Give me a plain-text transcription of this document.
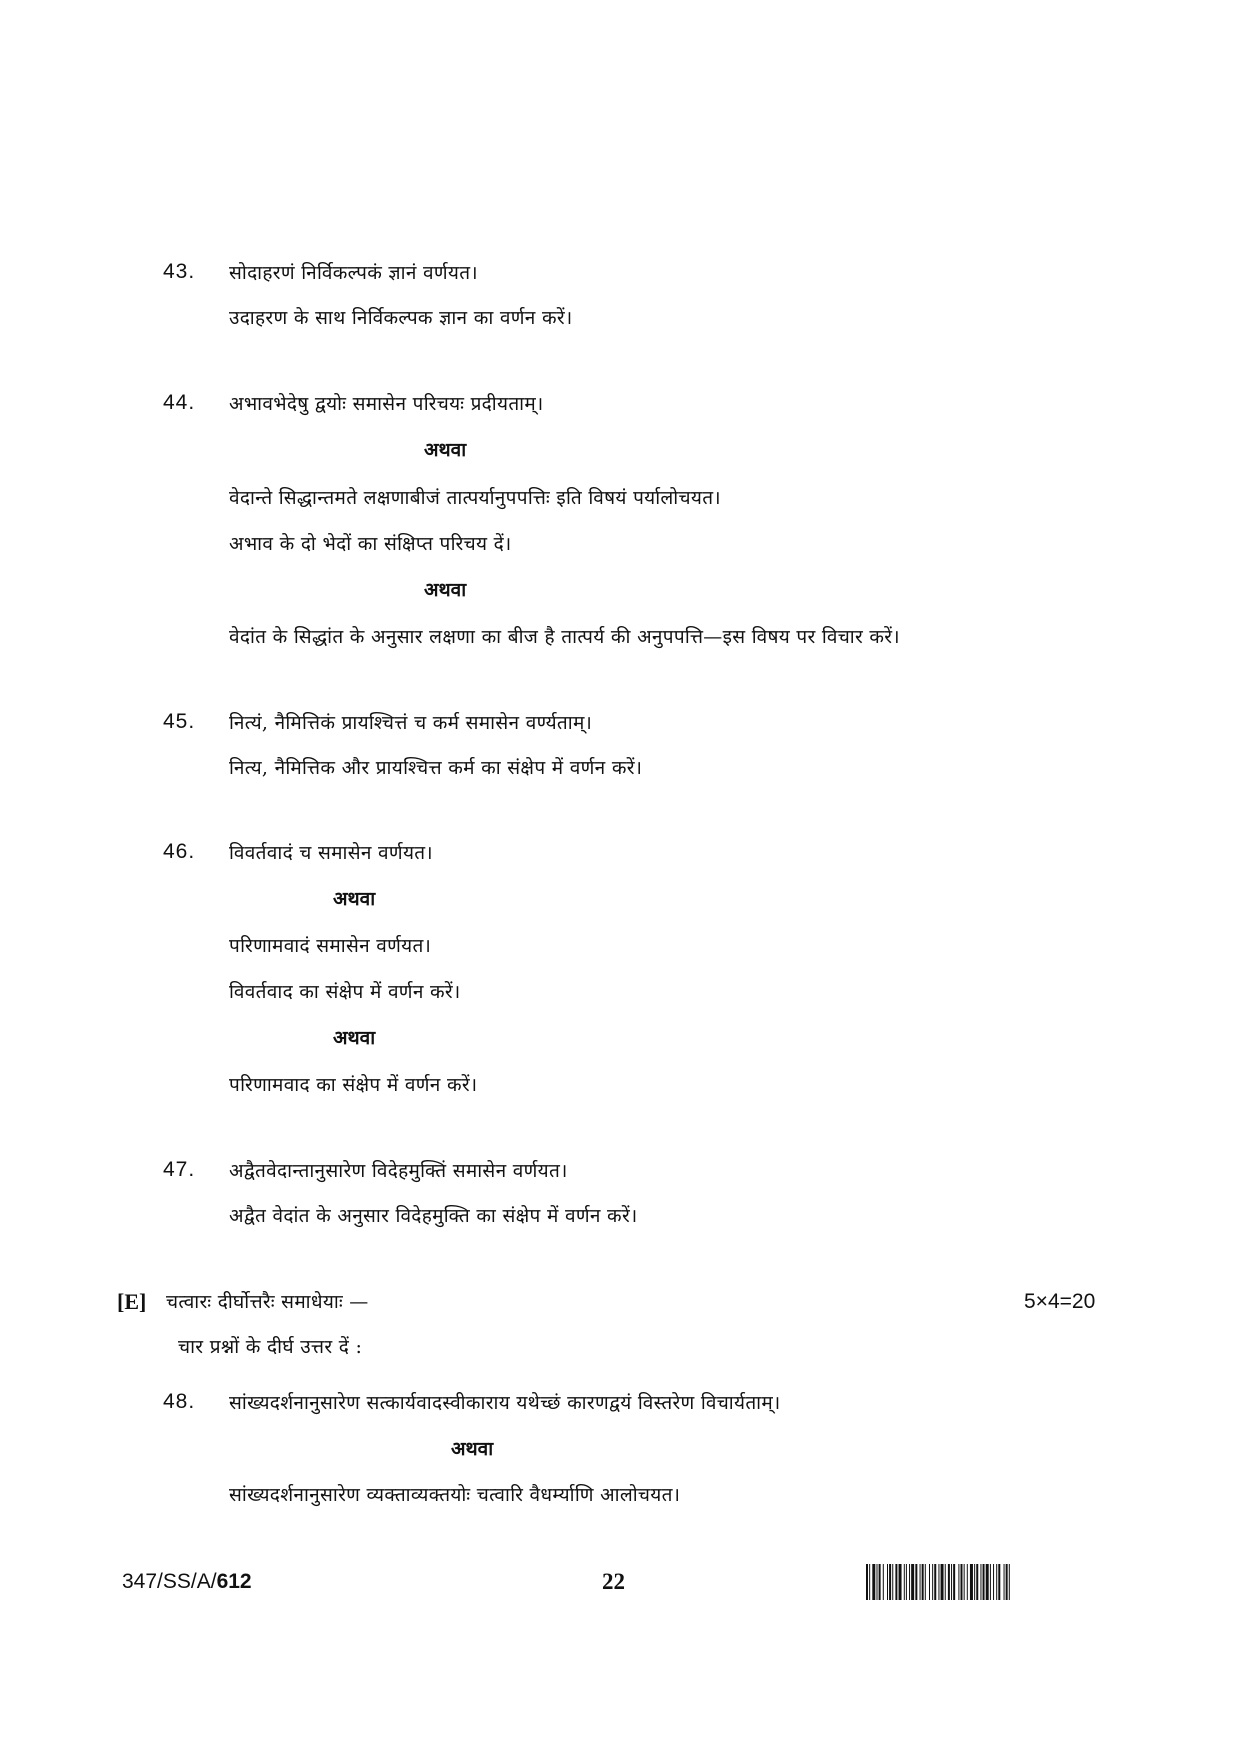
43. सोदाहरणं निर्विकल्पकं ज्ञानं वर्णयत।
उदाहरण के साथ निर्विकल्पक ज्ञान का वर्णन करें।
44. अभावभेदेषु द्वयोः समासेन परिचयः प्रदीयताम्।
अथवा
वेदान्ते सिद्धान्तमते लक्षणाबीजं तात्पर्यानुपपत्तिः इति विषयं पर्यालोचयत।
अभाव के दो भेदों का संक्षिप्त परिचय दें।
अथवा
वेदांत के सिद्धांत के अनुसार लक्षणा का बीज है तात्पर्य की अनुपपत्ति—इस विषय पर विचार करें।
45. नित्यं, नैमित्तिकं प्रायश्चित्तं च कर्म समासेन वर्ण्यताम्।
नित्य, नैमित्तिक और प्रायश्चित्त कर्म का संक्षेप में वर्णन करें।
46. विवर्तवादं च समासेन वर्णयत।
अथवा
परिणामवादं समासेन वर्णयत।
विवर्तवाद का संक्षेप में वर्णन करें।
अथवा
परिणामवाद का संक्षेप में वर्णन करें।
47. अद्वैतवेदान्तानुसारेण विदेहमुक्तिं समासेन वर्णयत।
अद्वैत वेदांत के अनुसार विदेहमुक्ति का संक्षेप में वर्णन करें।
[E] चत्वारः दीर्घोत्तरैः समाधेयाः —	5×4=20
चार प्रश्नों के दीर्घ उत्तर दें :
48. सांख्यदर्शनानुसारेण सत्कार्यवादस्वीकाराय यथेच्छं कारणद्वयं विस्तरेण विचार्यताम्।
अथवा
सांख्यदर्शनानुसारेण व्यक्ताव्यक्तयोः चत्वारि वैधर्म्याणि आलोचयत।
347/SS/A/612	22
